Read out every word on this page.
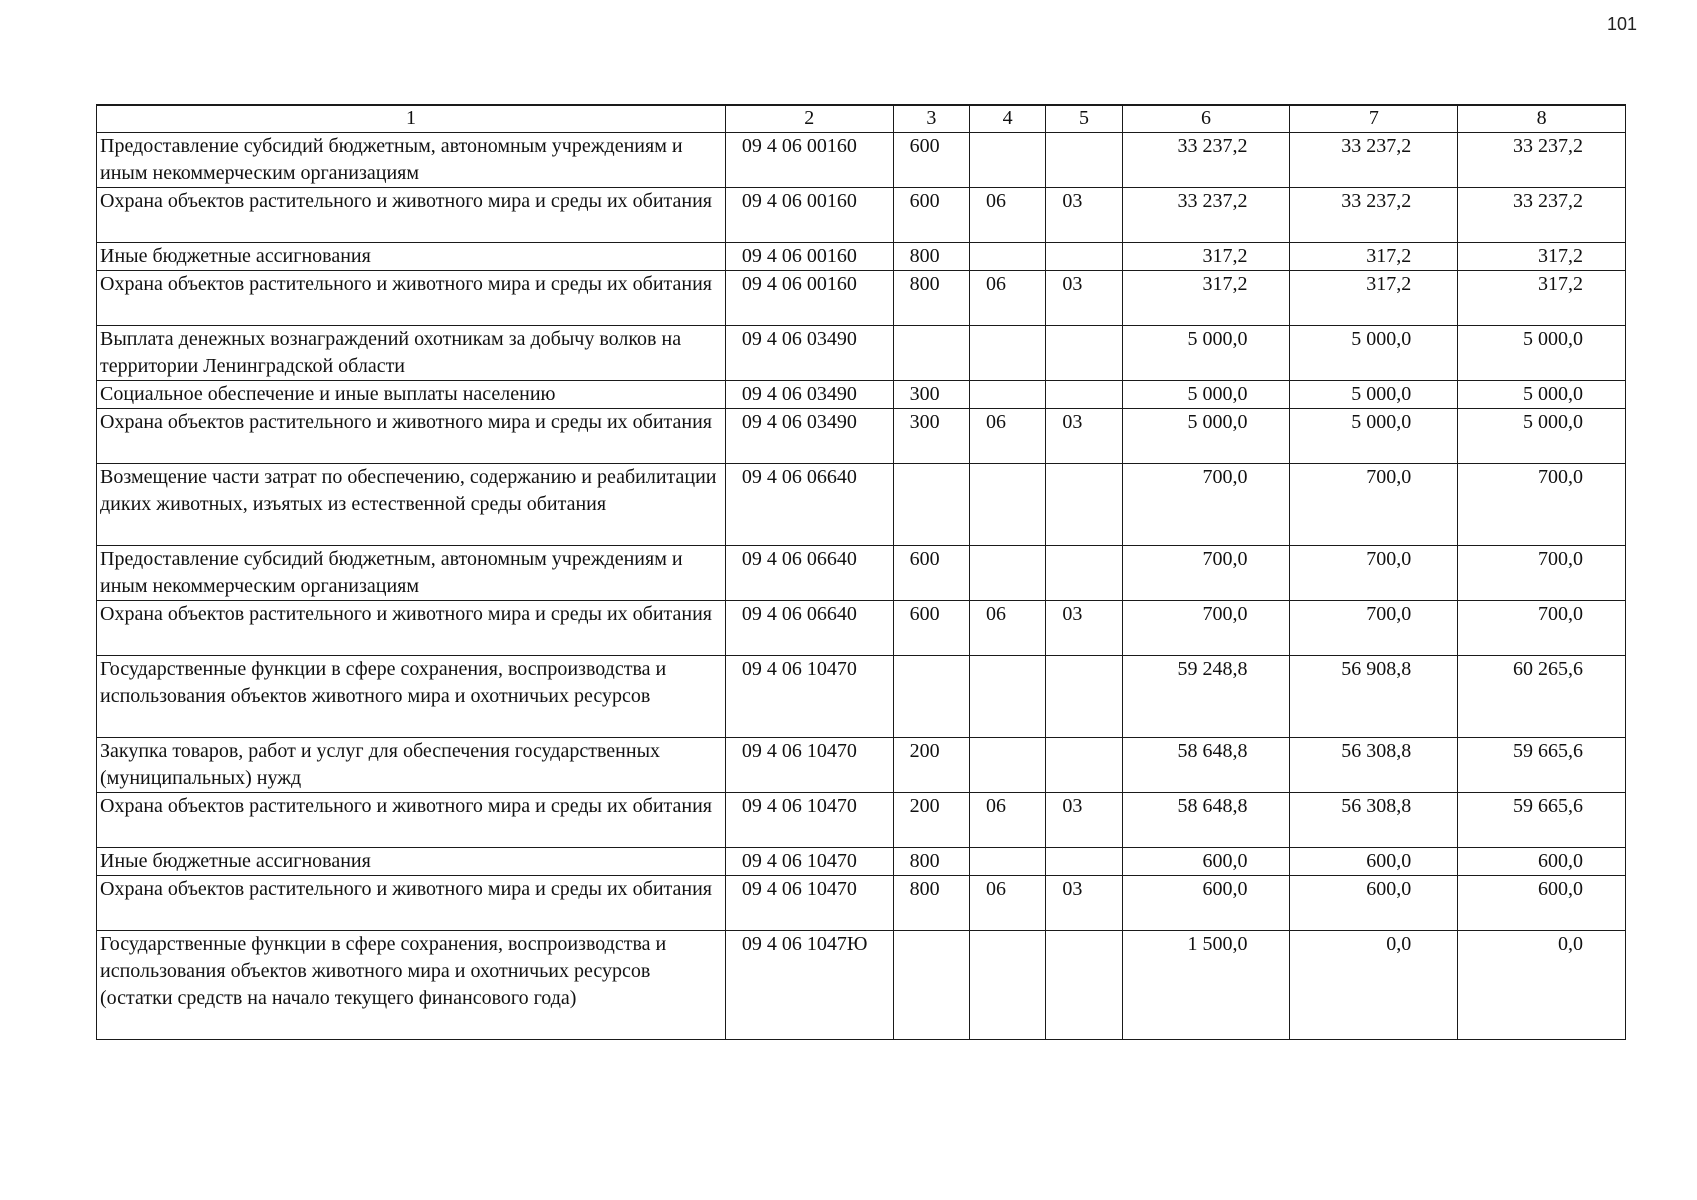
101
1	2	3	4	5	6	7	8
Предоставление субсидий бюджетным, автономным учреждениям и иным некоммерческим организациям	09 4 06 00160	600			33 237,2	33 237,2	33 237,2
Охрана объектов растительного и животного мира и среды их обитания	09 4 06 00160	600	06	03	33 237,2	33 237,2	33 237,2
Иные бюджетные ассигнования	09 4 06 00160	800			317,2	317,2	317,2
Охрана объектов растительного и животного мира и среды их обитания	09 4 06 00160	800	06	03	317,2	317,2	317,2
Выплата денежных вознаграждений охотникам за добычу волков на территории Ленинградской области	09 4 06 03490				5 000,0	5 000,0	5 000,0
Социальное обеспечение и иные выплаты населению	09 4 06 03490	300			5 000,0	5 000,0	5 000,0
Охрана объектов растительного и животного мира и среды их обитания	09 4 06 03490	300	06	03	5 000,0	5 000,0	5 000,0
Возмещение части затрат по обеспечению, содержанию и реабилитации диких животных, изъятых из естественной среды обитания	09 4 06 06640				700,0	700,0	700,0
Предоставление субсидий бюджетным, автономным учреждениям и иным некоммерческим организациям	09 4 06 06640	600			700,0	700,0	700,0
Охрана объектов растительного и животного мира и среды их обитания	09 4 06 06640	600	06	03	700,0	700,0	700,0
Государственные функции в сфере сохранения, воспроизводства и использования объектов животного мира и охотничьих ресурсов	09 4 06 10470				59 248,8	56 908,8	60 265,6
Закупка товаров, работ и услуг для обеспечения государственных (муниципальных) нужд	09 4 06 10470	200			58 648,8	56 308,8	59 665,6
Охрана объектов растительного и животного мира и среды их обитания	09 4 06 10470	200	06	03	58 648,8	56 308,8	59 665,6
Иные бюджетные ассигнования	09 4 06 10470	800			600,0	600,0	600,0
Охрана объектов растительного и животного мира и среды их обитания	09 4 06 10470	800	06	03	600,0	600,0	600,0
Государственные функции в сфере сохранения, воспроизводства и использования объектов животного мира и охотничьих ресурсов (остатки средств на начало текущего финансового года)	09 4 06 1047Ю				1 500,0	0,0	0,0
